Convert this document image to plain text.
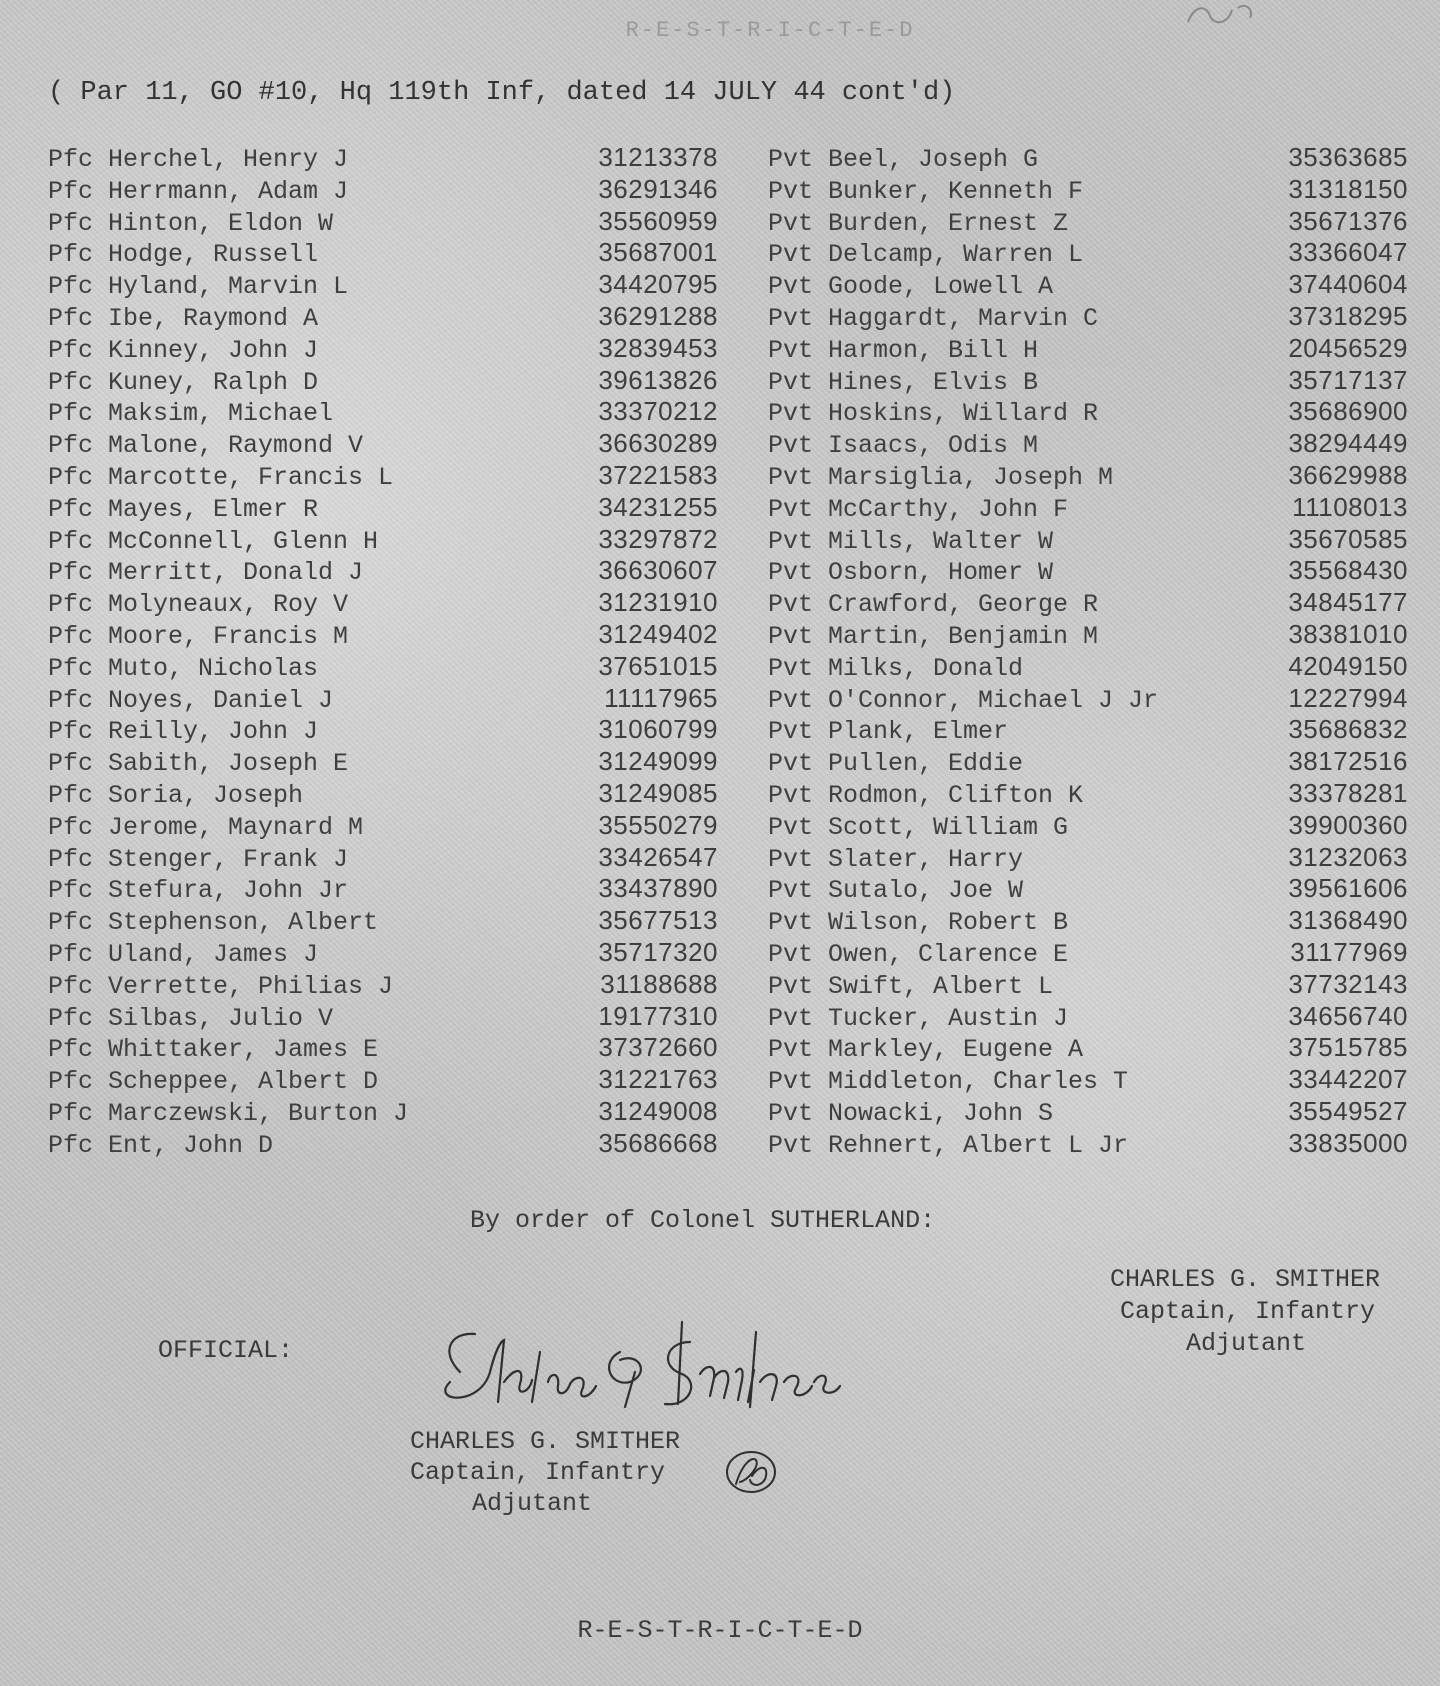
R-E-S-T-R-I-C-T-E-D
( Par 11, GO #10, Hq 119th Inf, dated 14 JULY 44 cont'd)
Pfc Herchel, Henry J	31213378
Pfc Herrmann, Adam J	36291346
Pfc Hinton, Eldon W	35560959
Pfc Hodge, Russell	35687001
Pfc Hyland, Marvin L	34420795
Pfc Ibe, Raymond A	36291288
Pfc Kinney, John J	32839453
Pfc Kuney, Ralph D	39613826
Pfc Maksim, Michael	33370212
Pfc Malone, Raymond V	36630289
Pfc Marcotte, Francis L	37221583
Pfc Mayes, Elmer R	34231255
Pfc McConnell, Glenn H	33297872
Pfc Merritt, Donald J	36630607
Pfc Molyneaux, Roy V	31231910
Pfc Moore, Francis M	31249402
Pfc Muto, Nicholas	37651015
Pfc Noyes, Daniel J	11117965
Pfc Reilly, John J	31060799
Pfc Sabith, Joseph E	31249099
Pfc Soria, Joseph	31249085
Pfc Jerome, Maynard M	35550279
Pfc Stenger, Frank J	33426547
Pfc Stefura, John Jr	33437890
Pfc Stephenson, Albert	35677513
Pfc Uland, James J	35717320
Pfc Verrette, Philias J	31188688
Pfc Silbas, Julio V	19177310
Pfc Whittaker, James E	37372660
Pfc Scheppee, Albert D	31221763
Pfc Marczewski, Burton J	31249008
Pfc Ent, John D	35686668
Pvt Beel, Joseph G	35363685
Pvt Bunker, Kenneth F	31318150
Pvt Burden, Ernest Z	35671376
Pvt Delcamp, Warren L	33366047
Pvt Goode, Lowell A	37440604
Pvt Haggardt, Marvin C	37318295
Pvt Harmon, Bill H	20456529
Pvt Hines, Elvis B	35717137
Pvt Hoskins, Willard R	35686900
Pvt Isaacs, Odis M	38294449
Pvt Marsiglia, Joseph M	36629988
Pvt McCarthy, John F	11108013
Pvt Mills, Walter W	35670585
Pvt Osborn, Homer W	35568430
Pvt Crawford, George R	34845177
Pvt Martin, Benjamin M	38381010
Pvt Milks, Donald	42049150
Pvt O'Connor, Michael J Jr	12227994
Pvt Plank, Elmer	35686832
Pvt Pullen, Eddie	38172516
Pvt Rodmon, Clifton K	33378281
Pvt Scott, William G	39900360
Pvt Slater, Harry	31232063
Pvt Sutalo, Joe W	39561606
Pvt Wilson, Robert B	31368490
Pvt Owen, Clarence E	31177969
Pvt Swift, Albert L	37732143
Pvt Tucker, Austin J	34656740
Pvt Markley, Eugene A	37515785
Pvt Middleton, Charles T	33442207
Pvt Nowacki, John S	35549527
Pvt Rehnert, Albert L Jr	33835000
By order of Colonel SUTHERLAND:
CHARLES G. SMITHER
Captain, Infantry
Adjutant
OFFICIAL:
Charles G. Smither
CHARLES G. SMITHER
Captain, Infantry
Adjutant
R-E-S-T-R-I-C-T-E-D
